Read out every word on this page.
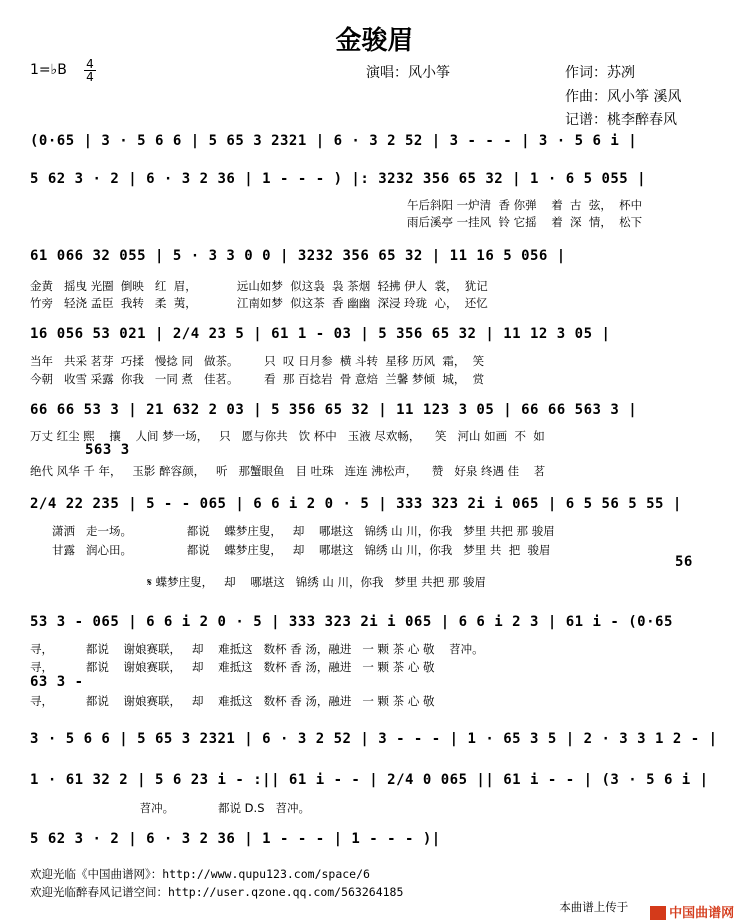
金骏眉
1=♭B 4
4	演唱：风小筝	作词：苏冽
作曲：风小筝 溪风
记谱：桃李醉春风
(0·65 | 3 · 5 6 6 | 5 65 3 2321 | 6 · 3 2 52 | 3 - - - | 3 · 5 6 i |
5 62 3 · 2 | 6 · 3 2 36 | 1 - - - ) |: 3232 356 65 32 | 1 · 6 5 055 |
午后斜阳 一炉清  香 你弹    着  古  弦，  杯中
雨后溪亭 一挂风  铃 它摇    着  深  情，  松下
61 066 32 055 | 5 · 3 3 0 0 | 3232 356 65 32 | 11 16 5 056 |
金黄   摇曳 光圈  倒映   红  眉，           远山如梦  似这袅  袅 茶烟  轻拂 伊人  裳，  犹记
竹旁   轻浇 孟臣  我转   柔  荑，           江南如梦  似这茶  香 幽幽  深浸 玲珑  心，  还忆
16 056 53 021 | 2/4 23 5 | 61 1 - 03 | 5 356 65 32 | 11 12 3 05 |
当年   共采 茗芽  巧揉   慢捻 同   做茶。       只  叹 日月参  横 斗转  星移 历风  霜，  笑
今朝   收雪 采露  你我   一同 煮   佳茗。       看  那 百捻岩  骨 意焙  兰馨 梦倾  城，  赏
66 66 53 3 | 21 632 2 03 | 5 356 65 32 | 11 123 3 05 | 66 66 563 3 |
万丈 红尘 熙    攘    人间 梦一场，   只   愿与你共   饮 杯中   玉液 尽欢畅，    笑   河山 如画  不  如
563 3
绝代 风华 千 年，   玉影 醉容颜，   听   那蟹眼鱼   目 吐珠   连连 沸松声，    赞   好泉 终遇 佳    茗
2/4 22 235 | 5 - - 065 | 6 6 i 2 0 · 5 | 333 323 2i i 065 | 6 5 56 5 55 |
潇洒   走一场。               都说    蝶梦庄叟，   却    哪堪这   锦绣 山 川，你我   梦里 共把 那 骏眉
甘露   润心田。               都说    蝶梦庄叟，   却    哪堪这   锦绣 山 川，你我   梦里 共  把  骏眉
56
𝄋 蝶梦庄叟，   却    哪堪这   锦绣 山 川，你我   梦里 共把 那 骏眉
53 3 - 065 | 6 6 i 2 0 · 5 | 333 323 2i i 065 | 6 6 i 2 3 | 61 i - (0·65
寻，         都说    谢娘赛联，   却    难抵这   数杯 香 汤，融进   一 颗 茶 心 敬    苕冲。
寻，         都说    谢娘赛联，   却    难抵这   数杯 香 汤，融进   一 颗 茶 心 敬
63 3 -
寻，         都说    谢娘赛联，   却    难抵这   数杯 香 汤，融进   一 颗 茶 心 敬
3 · 5 6 6 | 5 65 3 2321 | 6 · 3 2 52 | 3 - - - | 1 · 65 3 5 | 2 · 3 3 1 2 - |
1 · 61 32 2 | 5 6 23 i - :|| 61 i - - | 2/4 0 065 || 61 i - - | (3 · 5 6 i |
苕冲。            都说 D.S   苕冲。
5 62 3 · 2 | 6 · 3 2 36 | 1 - - - | 1 - - - )|
欢迎光临《中国曲谱网》：http://www.qupu123.com/space/6
欢迎光临醉春风记谱空间：http://user.qzone.qq.com/563264185

本曲谱上传于	中国曲谱网
